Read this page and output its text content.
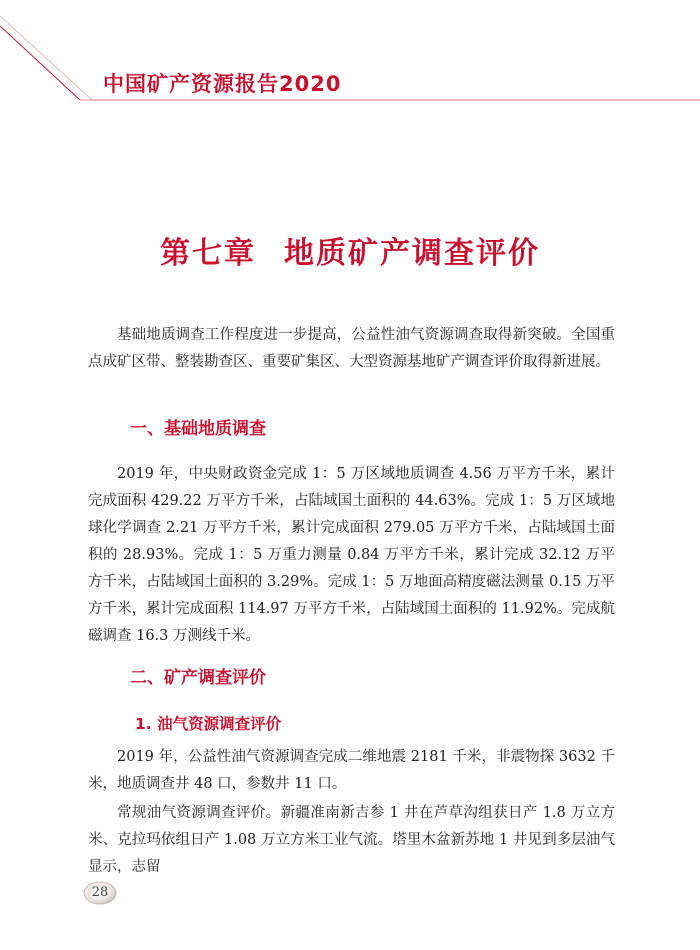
中国矿产资源报告2020
第七章 地质矿产调查评价

基础地质调查工作程度进一步提高，公益性油气资源调查取得新突破。全国重点成矿区带、整装勘查区、重要矿集区、大型资源基地矿产调查评价取得新进展。

一、基础地质调查

2019 年，中央财政资金完成 1：5 万区域地质调查 4.56 万平方千米，累计完成面积 429.22 万平方千米，占陆域国土面积的 44.63%。完成 1：5 万区域地球化学调查 2.21 万平方千米，累计完成面积 279.05 万平方千米，占陆域国土面积的 28.93%。完成 1：5 万重力测量 0.84 万平方千米，累计完成 32.12 万平方千米，占陆域国土面积的 3.29%。完成 1：5 万地面高精度磁法测量 0.15 万平方千米，累计完成面积 114.97 万平方千米，占陆域国土面积的 11.92%。完成航磁调查 16.3 万测线千米。

二、矿产调查评价
1. 油气资源调查评价

2019 年，公益性油气资源调查完成二维地震 2181 千米，非震物探 3632 千米，地质调查井 48 口，参数井 11 口。

常规油气资源调查评价。新疆准南新吉参 1 井在芦草沟组获日产 1.8 万立方米、克拉玛依组日产 1.08 万立方米工业气流。塔里木盆新苏地 1 井见到多层油气显示，志留

28
